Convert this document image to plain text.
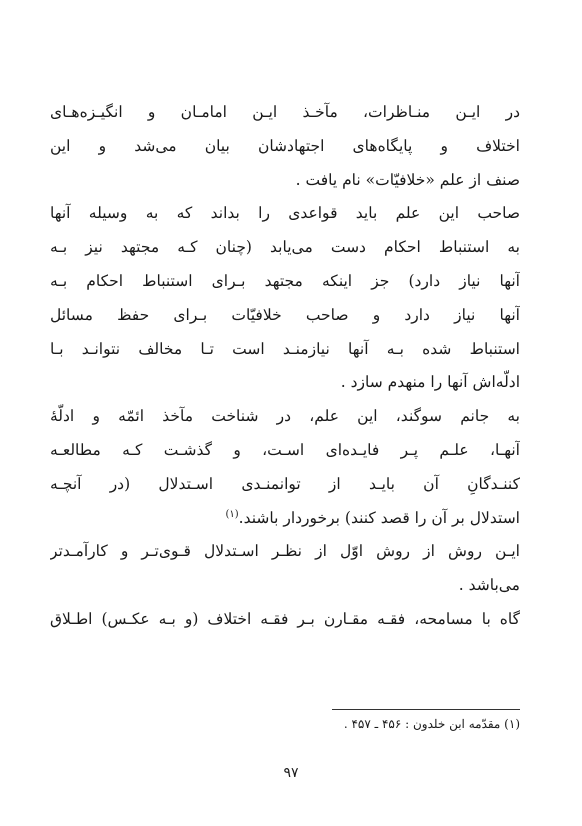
در ایـن منـاظرات، مآخـذ ایـن امامـان و انگیـزه‌هـای
اختلاف و پایگاه‌های اجتهادشان بیان می‌شد و این
صنف از علم «خلافیّات» نام یافت .
صاحب این علم باید قواعدی را بداند که به وسیله آنها
به استنباط احکام دست می‌یابد (چنان کـه مجتهد نیز بـه
آنها نیاز دارد) جز اینکه مجتهد بـرای استنباط احکام بـه
آنها نیاز دارد و صاحب خلافیّات بـرای حفظ مسائل
استنباط شده بـه آنها نیازمنـد است تـا مخالف نتوانـد بـا
ادلّه‌اش آنها را منهدم سازد .
به جانم سوگند، این علم، در شناخت مآخذ ائمّه و ادلّهٔ
آنهـا، علـم پـر فایـده‌ای اسـت، و گذشـت کـه مطالعـه
کننـدگانِ آن بایـد از توانمنـدی اسـتدلال (در آنچـه
استدلال بر آن را قصد کنند) برخوردار باشند.$^{(۱)}$
ایـن روش از روش اوّل از نظـر اسـتدلال قـوی‌تـر و کارآمـدتر
می‌باشد .
گاه با مسامحه، فقـه مقـارن بـر فقـه اختلاف (و بـه عکـس) اطـلاق
(۱) مقدّمه ابن خلدون : ۴۵۶ ـ ۴۵۷ .
۹۷
